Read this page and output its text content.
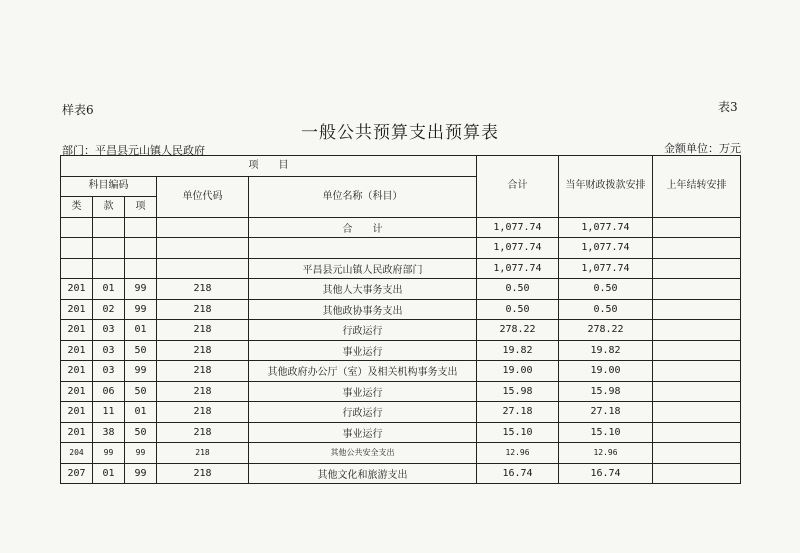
样表6	表3
一般公共预算支出预算表
部门：平昌县元山镇人民政府	金额单位：万元
项　　目					合计	当年财政拨款安排	上年结转安排
科目编码			单位代码	单位名称（科目）			
类	款	项					
				合　　计	1,077.74	1,077.74	
					1,077.74	1,077.74	
				平昌县元山镇人民政府部门	1,077.74	1,077.74	
201	01	99	218	其他人大事务支出	0.50	0.50	
201	02	99	218	其他政协事务支出	0.50	0.50	
201	03	01	218	行政运行	278.22	278.22	
201	03	50	218	事业运行	19.82	19.82	
201	03	99	218	其他政府办公厅（室）及相关机构事务支出	19.00	19.00	
201	06	50	218	事业运行	15.98	15.98	
201	11	01	218	行政运行	27.18	27.18	
201	38	50	218	事业运行	15.10	15.10	
204	99	99	218	其他公共安全支出	12.96	12.96	
207	01	99	218	其他文化和旅游支出	16.74	16.74	
